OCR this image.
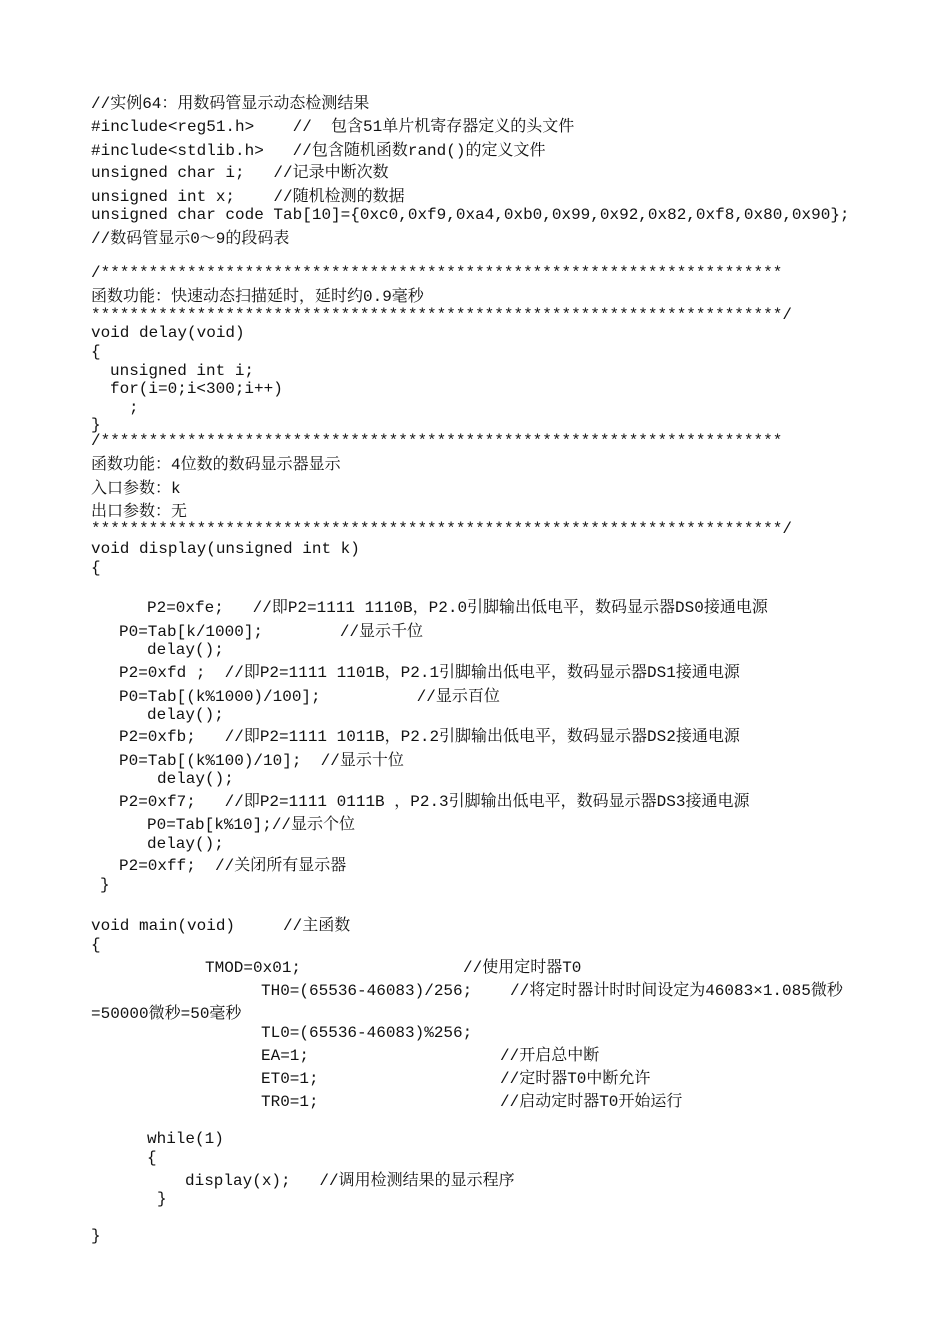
//实例64：用数码管显示动态检测结果
#include<reg51.h>    //  包含51单片机寄存器定义的头文件
#include<stdlib.h>   //包含随机函数rand()的定义文件
unsigned char i;   //记录中断次数
unsigned int x;    //随机检测的数据
unsigned char code Tab[10]={0xc0,0xf9,0xa4,0xb0,0x99,0x92,0x82,0xf8,0x80,0x90};
//数码管显示0～9的段码表
/***********************************************************************
函数功能：快速动态扫描延时，延时约0.9毫秒
************************************************************************/
void delay(void)
{
unsigned int i;
for(i=0;i<300;i++)
;
}
/***********************************************************************
函数功能：4位数的数码显示器显示
入口参数：k
出口参数：无
************************************************************************/
void display(unsigned int k)
{
P2=0xfe;   //即P2=1111 1110B，P2.0引脚输出低电平，数码显示器DS0接通电源
P0=Tab[k/1000];        //显示千位
delay();
P2=0xfd ;  //即P2=1111 1101B，P2.1引脚输出低电平，数码显示器DS1接通电源
P0=Tab[(k%1000)/100];          //显示百位
delay();
P2=0xfb;   //即P2=1111 1011B，P2.2引脚输出低电平，数码显示器DS2接通电源
P0=Tab[(k%100)/10];  //显示十位
delay();
P2=0xf7;   //即P2=1111 0111B ，P2.3引脚输出低电平，数码显示器DS3接通电源
P0=Tab[k%10];//显示个位
delay();
P2=0xff;  //关闭所有显示器
}
void main(void)     //主函数
{
TMOD=0x01;	//使用定时器T0
TH0=(65536-46083)/256; //将定时器计时时间设定为46083×1.085微秒
=50000微秒=50毫秒
TL0=(65536-46083)%256;
EA=1;	//开启总中断
ET0=1;	//定时器T0中断允许
TR0=1;	//启动定时器T0开始运行
while(1)
{
display(x);   //调用检测结果的显示程序
}
}
